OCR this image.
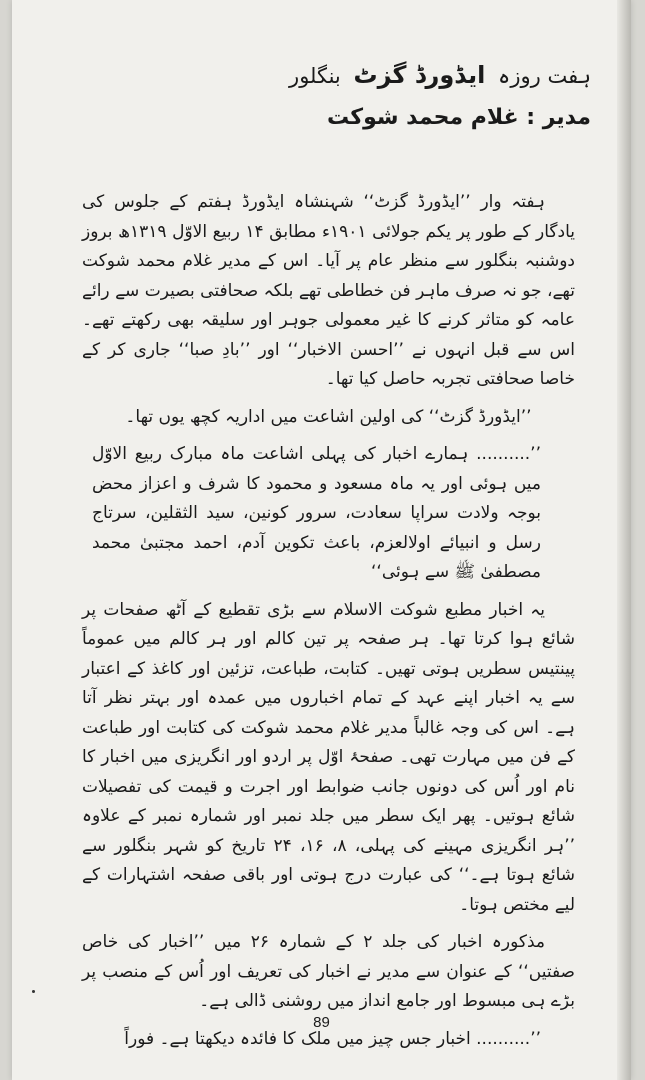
ہفت روزہ ایڈورڈ گزٹ بنگلور
مدیر : غلام محمد شوکت

ہفتہ وار ’’ایڈورڈ گزٹ‘‘ شہنشاہ ایڈورڈ ہفتم کے جلوس کی یادگار کے طور پر یکم جولائی ۱۹۰۱ء مطابق ۱۴ ربیع الاوّل ۱۳۱۹ھ بروز دوشنبہ بنگلور سے منظر عام پر آیا۔ اس کے مدیر غلام محمد شوکت تھے، جو نہ صرف ماہر فن خطاطی تھے بلکہ صحافتی بصیرت سے رائے عامہ کو متاثر کرنے کا غیر معمولی جوہر اور سلیقہ بھی رکھتے تھے۔ اس سے قبل انہوں نے ’’احسن الاخبار‘‘ اور ’’بادِ صبا‘‘ جاری کر کے خاصا صحافتی تجربہ حاصل کیا تھا۔

’’ایڈورڈ گزٹ‘‘ کی اولین اشاعت میں اداریہ کچھ یوں تھا۔

’’.......... ہمارے اخبار کی پہلی اشاعت ماہ مبارک ربیع الاوّل میں ہوئی اور یہ ماہ مسعود و محمود کا شرف و اعزاز محض بوجہ ولادت سراپا سعادت، سرور کونین، سید الثقلین، سرتاج رسل و انبیائے اولالعزم، باعث تکوین آدم، احمد مجتبیٰ محمد مصطفیٰ ﷺ سے ہوئی‘‘

یہ اخبار مطبع شوکت الاسلام سے بڑی تقطیع کے آٹھ صفحات پر شائع ہوا کرتا تھا۔ ہر صفحہ پر تین کالم اور ہر کالم میں عموماً پینتیس سطریں ہوتی تھیں۔ کتابت، طباعت، تزئین اور کاغذ کے اعتبار سے یہ اخبار اپنے عہد کے تمام اخباروں میں عمدہ اور بہتر نظر آتا ہے۔ اس کی وجہ غالباً مدیر غلام محمد شوکت کی کتابت اور طباعت کے فن میں مہارت تھی۔ صفحۂ اوّل پر اردو اور انگریزی میں اخبار کا نام اور اُس کی دونوں جانب ضوابط اور اجرت و قیمت کی تفصیلات شائع ہوتیں۔ پھر ایک سطر میں جلد نمبر اور شمارہ نمبر کے علاوہ ’’ہر انگریزی مہینے کی پہلی، ۸، ۱۶، ۲۴ تاریخ کو شہر بنگلور سے شائع ہوتا ہے۔‘‘ کی عبارت درج ہوتی اور باقی صفحہ اشتہارات کے لیے مختص ہوتا۔

مذکورہ اخبار کی جلد ۲ کے شمارہ ۲۶ میں ’’اخبار کی خاص صفتیں‘‘ کے عنوان سے مدیر نے اخبار کی تعریف اور اُس کے منصب پر بڑے ہی مبسوط اور جامع انداز میں روشنی ڈالی ہے۔

’’.......... اخبار جس چیز میں ملک کا فائدہ دیکھتا ہے۔ فوراً

89
